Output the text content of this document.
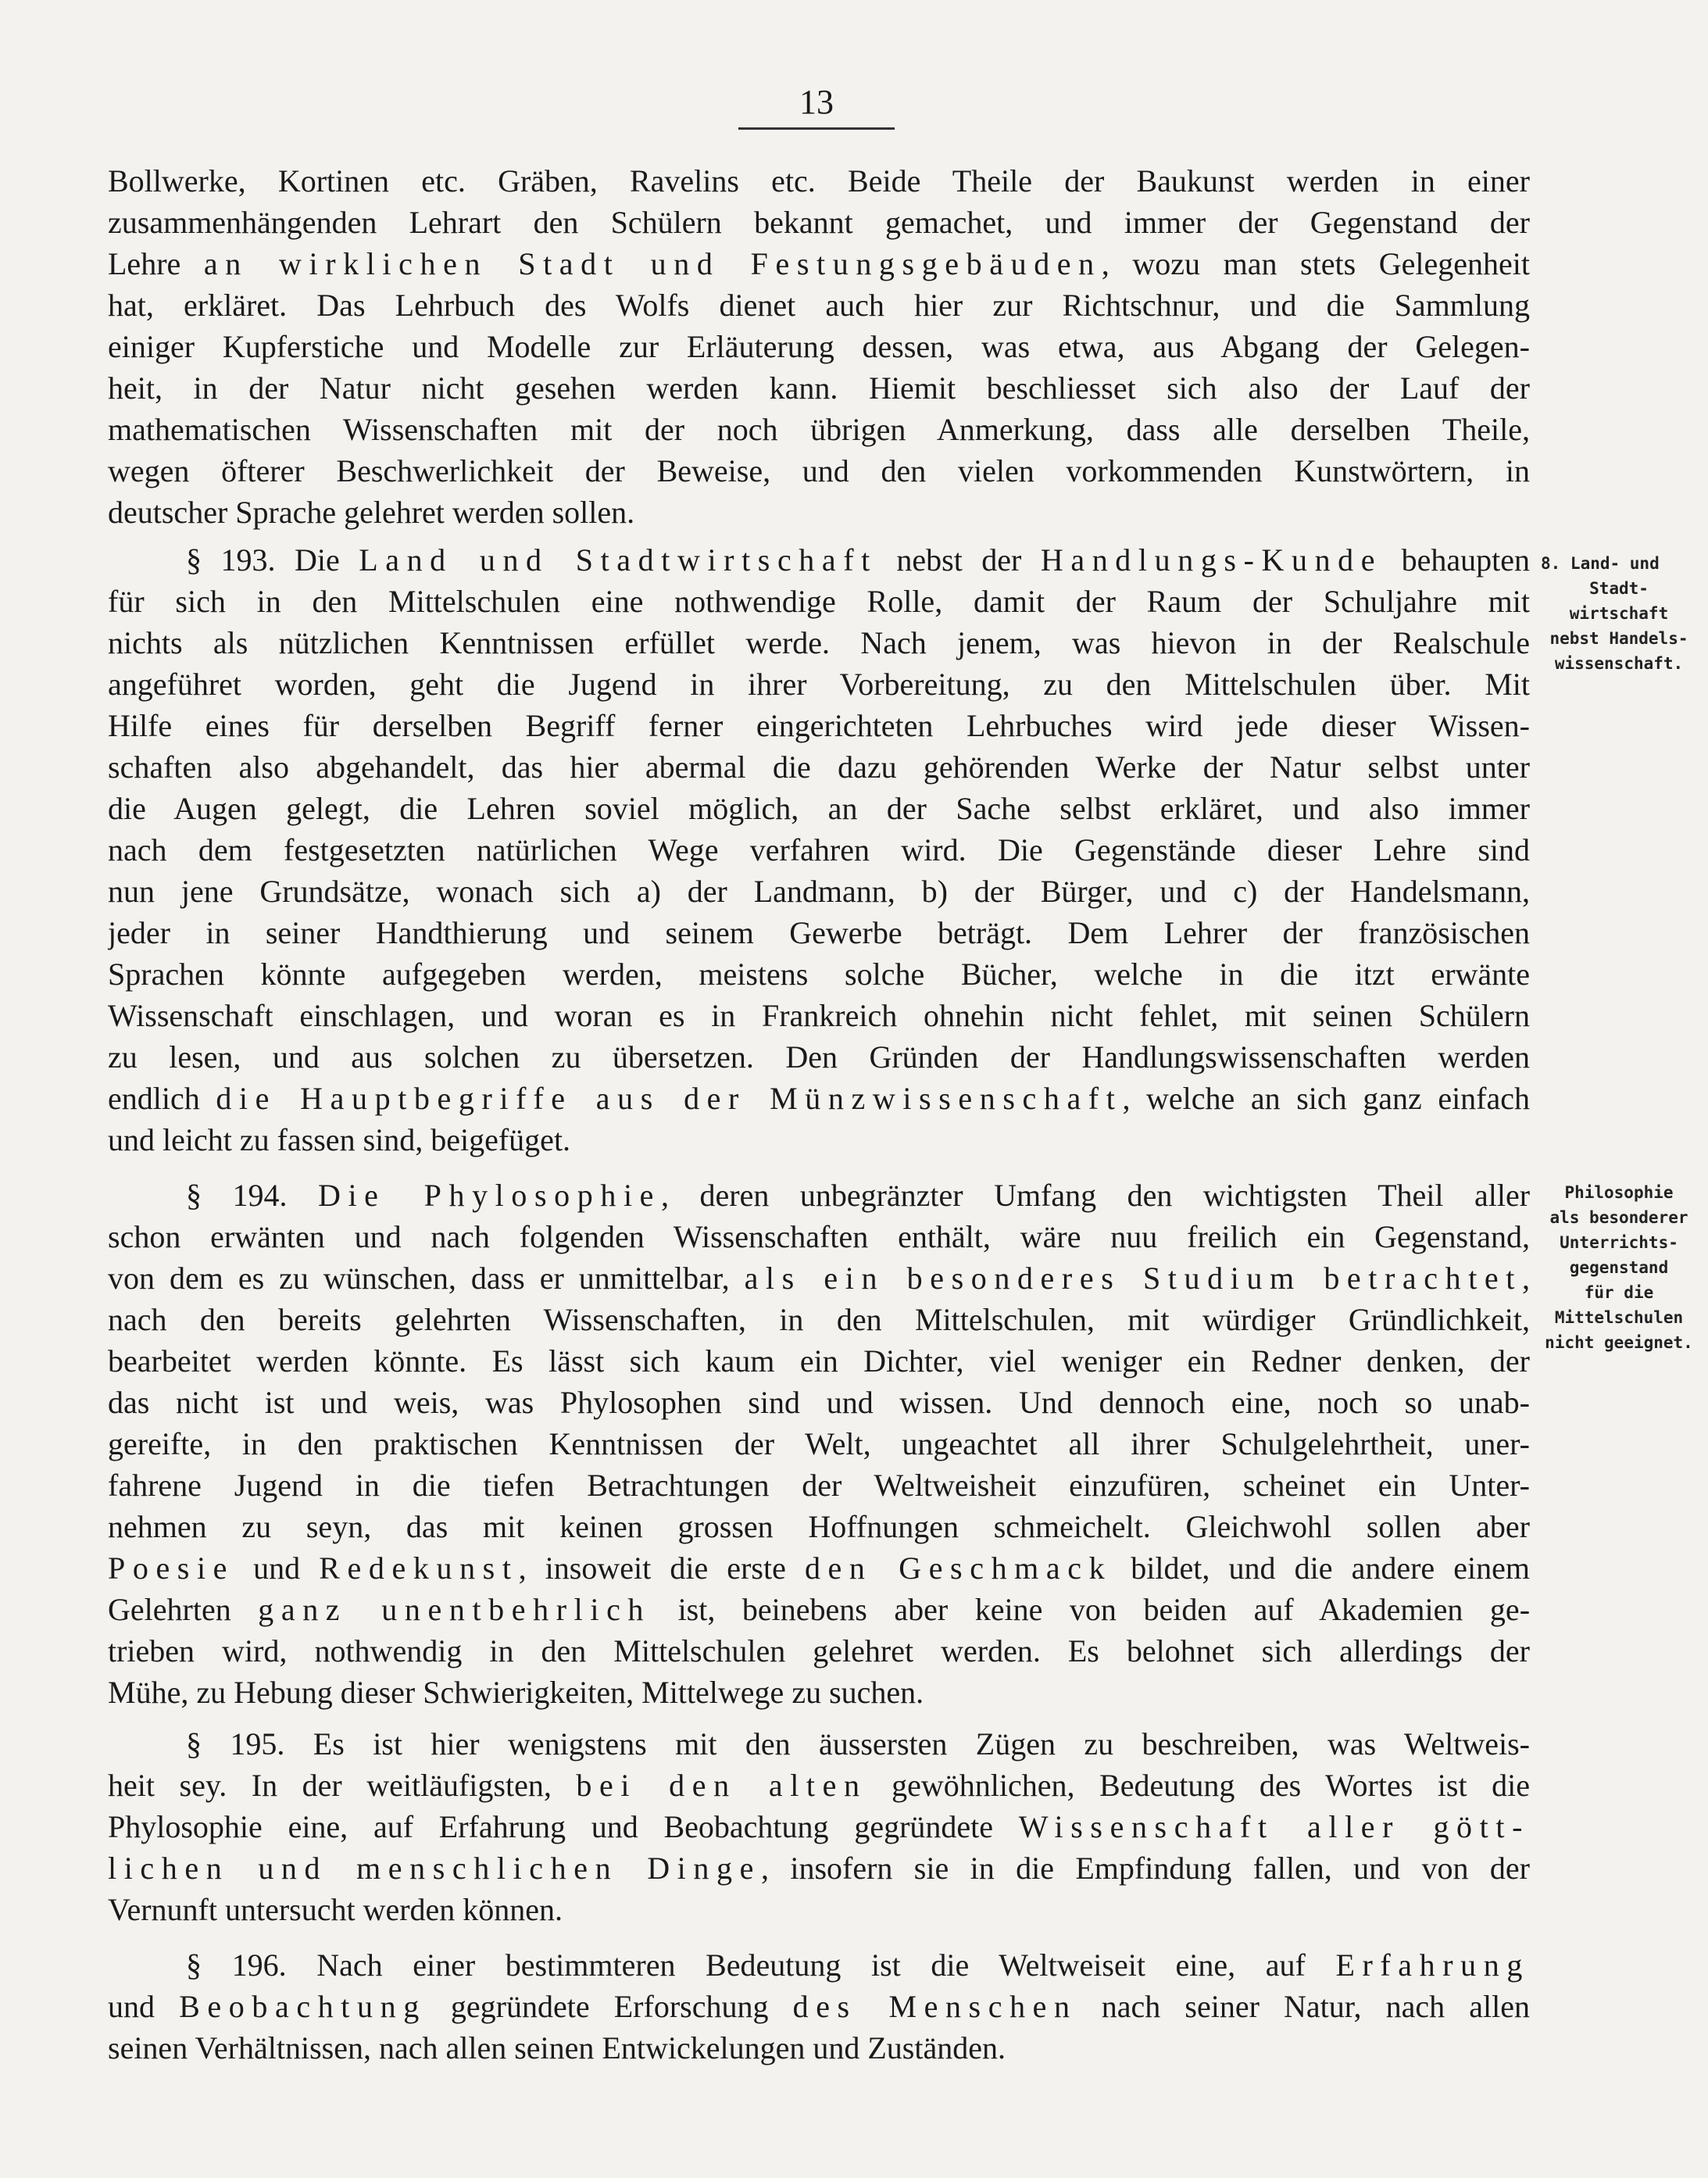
13
Bollwerke, Kortinen etc. Gräben, Ravelins etc. Beide Theile der Baukunst werden in einer
zusammenhängenden Lehrart den Schülern bekannt gemachet, und immer der Gegenstand der
Lehre an wirklichen Stadt und Festungsgebäuden, wozu man stets Gelegenheit
hat, erkläret. Das Lehrbuch des Wolfs dienet auch hier zur Richtschnur, und die Sammlung
einiger Kupferstiche und Modelle zur Erläuterung dessen, was etwa, aus Abgang der Gelegen-
heit, in der Natur nicht gesehen werden kann. Hiemit beschliesset sich also der Lauf der
mathematischen Wissenschaften mit der noch übrigen Anmerkung, dass alle derselben Theile,
wegen öfterer Beschwerlichkeit der Beweise, und den vielen vorkommenden Kunstwörtern, in
deutscher Sprache gelehret werden sollen.
§ 193. Die Land und Stadtwirtschaft nebst der Handlungs-Kunde behaupten
für sich in den Mittelschulen eine nothwendige Rolle, damit der Raum der Schuljahre mit
nichts als nützlichen Kenntnissen erfüllet werde. Nach jenem, was hievon in der Realschule
angeführet worden, geht die Jugend in ihrer Vorbereitung, zu den Mittelschulen über. Mit
Hilfe eines für derselben Begriff ferner eingerichteten Lehrbuches wird jede dieser Wissen-
schaften also abgehandelt, das hier abermal die dazu gehörenden Werke der Natur selbst unter
die Augen gelegt, die Lehren soviel möglich, an der Sache selbst erkläret, und also immer
nach dem festgesetzten natürlichen Wege verfahren wird. Die Gegenstände dieser Lehre sind
nun jene Grundsätze, wonach sich a) der Landmann, b) der Bürger, und c) der Handelsmann,
jeder in seiner Handthierung und seinem Gewerbe beträgt. Dem Lehrer der französischen
Sprachen könnte aufgegeben werden, meistens solche Bücher, welche in die itzt erwänte
Wissenschaft einschlagen, und woran es in Frankreich ohnehin nicht fehlet, mit seinen Schülern
zu lesen, und aus solchen zu übersetzen. Den Gründen der Handlungswissenschaften werden
endlich die Hauptbegriffe aus der Münzwissenschaft, welche an sich ganz einfach
und leicht zu fassen sind, beigefüget.
§ 194. Die Phylosophie, deren unbegränzter Umfang den wichtigsten Theil aller
schon erwänten und nach folgenden Wissenschaften enthält, wäre nuu freilich ein Gegenstand,
von dem es zu wünschen, dass er unmittelbar, als ein besonderes Studium betrachtet,
nach den bereits gelehrten Wissenschaften, in den Mittelschulen, mit würdiger Gründlichkeit,
bearbeitet werden könnte. Es lässt sich kaum ein Dichter, viel weniger ein Redner denken, der
das nicht ist und weis, was Phylosophen sind und wissen. Und dennoch eine, noch so unab-
gereifte, in den praktischen Kenntnissen der Welt, ungeachtet all ihrer Schulgelehrtheit, uner-
fahrene Jugend in die tiefen Betrachtungen der Weltweisheit einzufüren, scheinet ein Unter-
nehmen zu seyn, das mit keinen grossen Hoffnungen schmeichelt. Gleichwohl sollen aber
Poesie und Redekunst, insoweit die erste den Geschmack bildet, und die andere einem
Gelehrten ganz unentbehrlich ist, beinebens aber keine von beiden auf Akademien ge-
trieben wird, nothwendig in den Mittelschulen gelehret werden. Es belohnet sich allerdings der
Mühe, zu Hebung dieser Schwierigkeiten, Mittelwege zu suchen.
§ 195. Es ist hier wenigstens mit den äussersten Zügen zu beschreiben, was Weltweis-
heit sey. In der weitläufigsten, bei den alten gewöhnlichen, Bedeutung des Wortes ist die
Phylosophie eine, auf Erfahrung und Beobachtung gegründete Wissenschaft aller gött-
lichen und menschlichen Dinge, insofern sie in die Empfindung fallen, und von der
Vernunft untersucht werden können.
§ 196. Nach einer bestimmteren Bedeutung ist die Weltweiseit eine, auf Erfahrung
und Beobachtung gegründete Erforschung des Menschen nach seiner Natur, nach allen
seinen Verhältnissen, nach allen seinen Entwickelungen und Zuständen.
8. Land- und
Stadt-
wirtschaft
nebst Handels-
wissenschaft.
Philosophie
als besonderer
Unterrichts-
gegenstand
für die
Mittelschulen
nicht geeignet.
